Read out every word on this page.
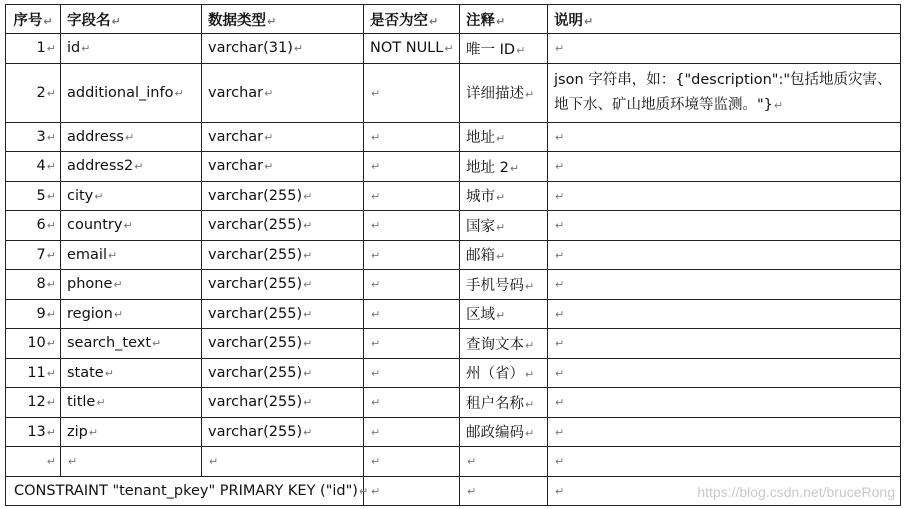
序号↵	字段名↵	数据类型↵	是否为空↵	注释↵	说明↵
1↵	id↵	varchar(31)↵	NOT NULL↵	唯一 ID↵	↵
2↵	additional_info↵	varchar↵	↵	详细描述↵	json 字符串，如：{"description":"包括地质灾害、地下水、矿山地质环境等监测。"}↵
3↵	address↵	varchar↵	↵	地址↵	↵
4↵	address2↵	varchar↵	↵	地址 2↵	↵
5↵	city↵	varchar(255)↵	↵	城市↵	↵
6↵	country↵	varchar(255)↵	↵	国家↵	↵
7↵	email↵	varchar(255)↵	↵	邮箱↵	↵
8↵	phone↵	varchar(255)↵	↵	手机号码↵	↵
9↵	region↵	varchar(255)↵	↵	区域↵	↵
10↵	search_text↵	varchar(255)↵	↵	查询文本↵	↵
11↵	state↵	varchar(255)↵	↵	州（省）↵	↵
12↵	title↵	varchar(255)↵	↵	租户名称↵	↵
13↵	zip↵	varchar(255)↵	↵	邮政编码↵	↵
↵	↵	↵	↵	↵	↵
CONSTRAINT "tenant_pkey" PRIMARY KEY ("id")↵			↵	↵	↵	https://blog.csdn.net/bruceRong
